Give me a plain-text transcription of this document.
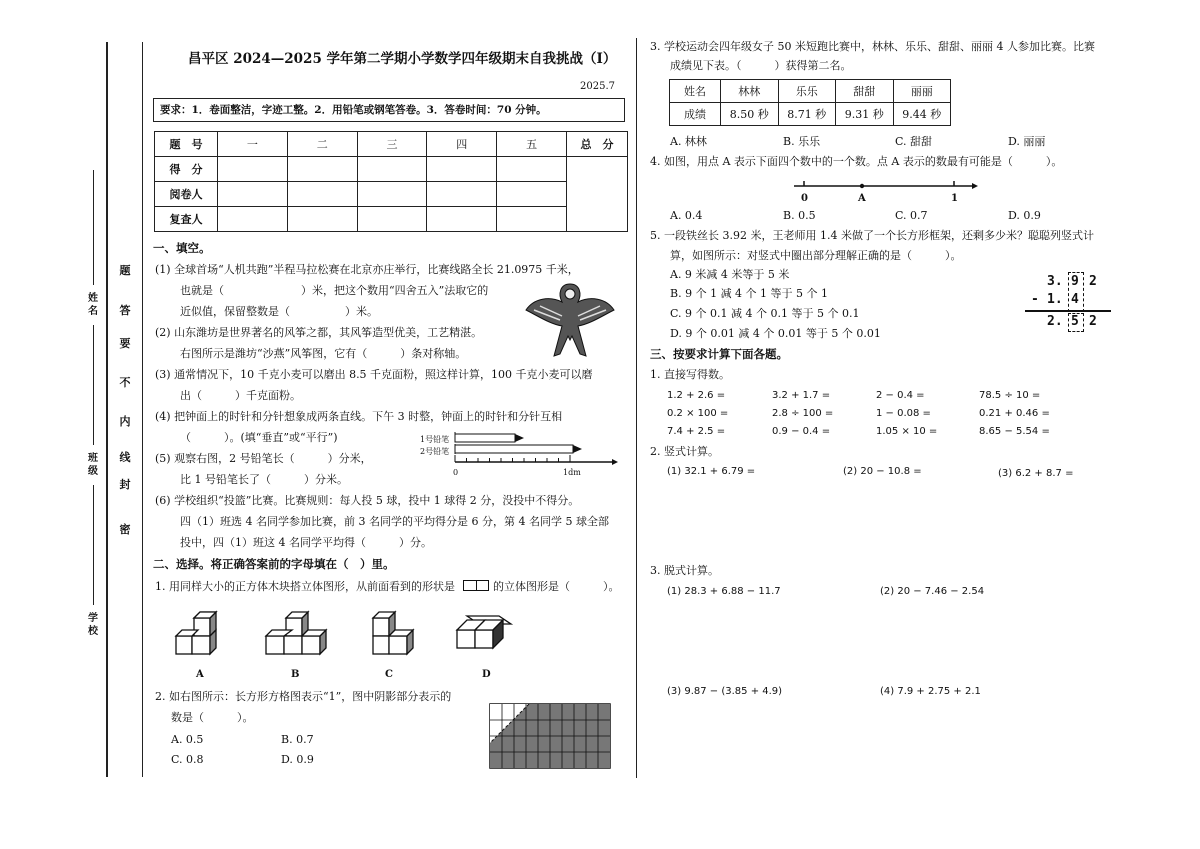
姓名
班级
学校
密
封
线
内
不
要
答
题
昌平区 2024—2025 学年第二学期小学数学四年级期末自我挑战（I）
2025.7
要求：1．卷面整洁，字迹工整。2．用铅笔或钢笔答卷。3．答卷时间：70 分钟。
题　号	一	二	三	四	五	总　分
得　分						
阅卷人						
复查人						
一、填空。
(1) 全球首场“人机共跑”半程马拉松赛在北京亦庄举行，比赛线路全长 21.0975 千米，
也就是（　　　　　　　）米，把这个数用“四舍五入”法取它的
近似值，保留整数是（　　　　　）米。
(2) 山东潍坊是世界著名的风筝之都，其风筝造型优美，工艺精湛。
右图所示是潍坊“沙燕”风筝图，它有（　　　）条对称轴。
(3) 通常情况下，10 千克小麦可以磨出 8.5 千克面粉，照这样计算，100 千克小麦可以磨
出（　　　）千克面粉。
(4) 把钟面上的时针和分针想象成两条直线。下午 3 时整，钟面上的时针和分针互相
（　　　）。(填“垂直”或“平行”)
(5) 观察右图，2 号铅笔长（　　　）分米，
比 1 号铅笔长了（　　　）分米。
1号铅笔
2号铅笔
0	1dm
(6) 学校组织“投篮”比赛。比赛规则：每人投 5 球，投中 1 球得 2 分，没投中不得分。
四（1）班选 4 名同学参加比赛，前 3 名同学的平均得分是 6 分，第 4 名同学 5 球全部
投中，四（1）班这 4 名同学平均得（　　　）分。
二、选择。将正确答案前的字母填在（　）里。
1. 用同样大小的正方体木块搭立体图形，从前面看到的形状是	的立体图形是（　　　）。
A	B	C	D
2. 如右图所示：长方形方格图表示“1”，图中阴影部分表示的
数是（　　　）。
A. 0.5	B. 0.7
C. 0.8	D. 0.9
3. 学校运动会四年级女子 50 米短跑比赛中，林林、乐乐、甜甜、丽丽 4 人参加比赛。比赛
成绩见下表。（　　　）获得第二名。
姓名	林林	乐乐	甜甜	丽丽
成绩	8.50 秒	8.71 秒	9.31 秒	9.44 秒
A. 林林	B. 乐乐	C. 甜甜	D. 丽丽
4. 如图，用点 A 表示下面四个数中的一个数。点 A 表示的数最有可能是（　　　）。
0	A	1
A. 0.4	B. 0.5	C. 0.7	D. 0.9
5. 一段铁丝长 3.92 米，王老师用 1.4 米做了一个长方形框架，还剩多少米？聪聪列竖式计
算，如图所示：对竖式中圈出部分理解正确的是（　　　）。
A. 9 米减 4 米等于 5 米
B. 9 个 1 减 4 个 1 等于 5 个 1
C. 9 个 0.1 减 4 个 0.1 等于 5 个 0.1
D. 9 个 0.01 减 4 个 0.01 等于 5 个 0.01
3. 9 2
- 1. 4
2. 5 2
三、按要求计算下面各题。
1. 直接写得数。
1.2 + 2.6 =	3.2 + 1.7 =	2 − 0.4 =	78.5 ÷ 10 =
0.2 × 100 =	2.8 ÷ 100 =	1 − 0.08 =	0.21 + 0.46 =
7.4 + 2.5 =	0.9 − 0.4 =	1.05 × 10 =	8.65 − 5.54 =
2. 竖式计算。
(1) 32.1 + 6.79 =	(2) 20 − 10.8 =	(3) 6.2 + 8.7 =
3. 脱式计算。
(1) 28.3 + 6.88 − 11.7	(2) 20 − 7.46 − 2.54
(3) 9.87 − (3.85 + 4.9)	(4) 7.9 + 2.75 + 2.1
